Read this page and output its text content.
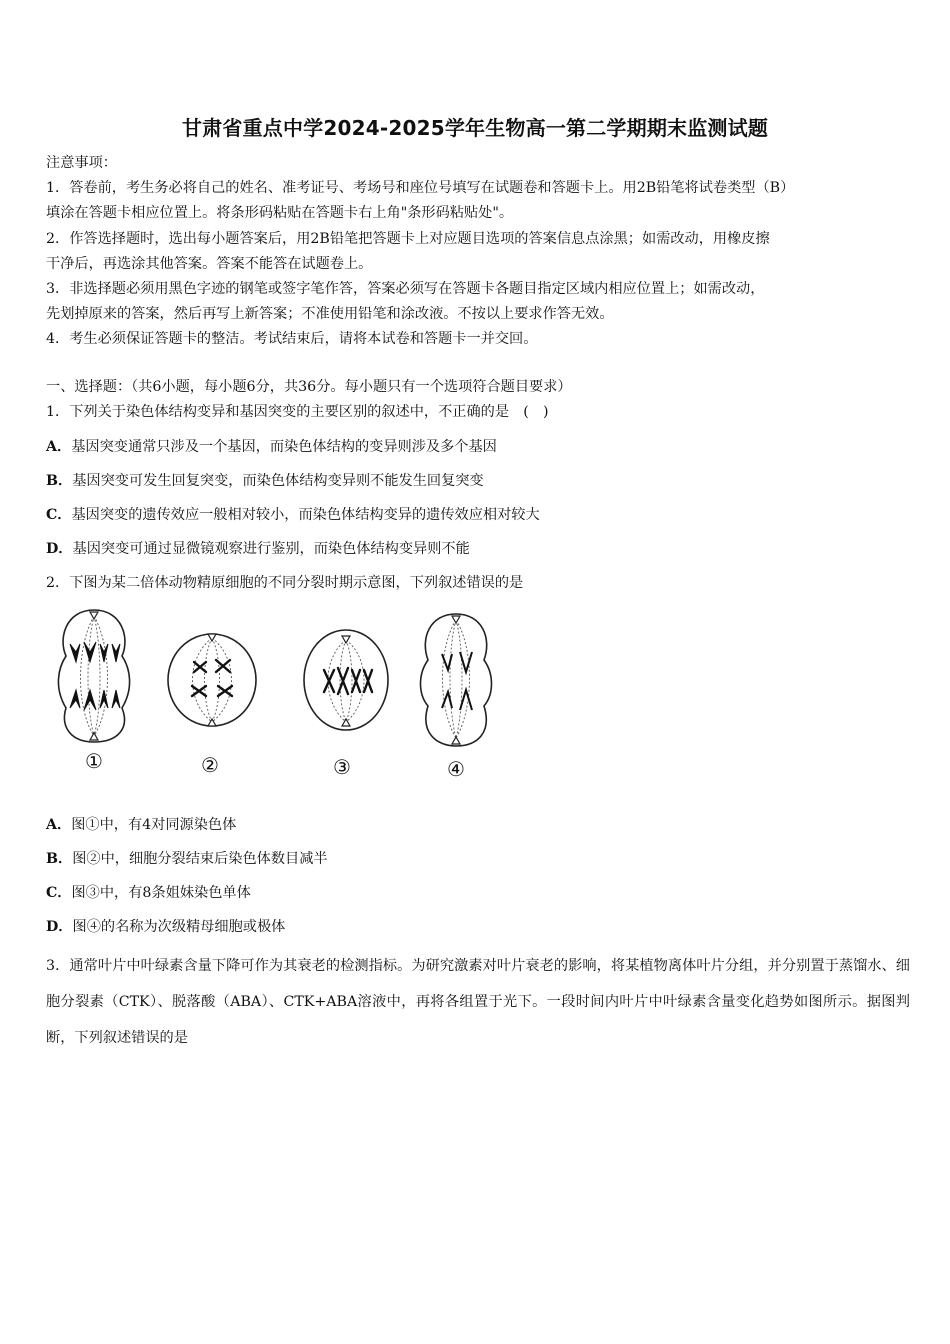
甘肃省重点中学2024-2025学年生物高一第二学期期末监测试题
注意事项：
1．答卷前，考生务必将自己的姓名、准考证号、考场号和座位号填写在试题卷和答题卡上。用2B铅笔将试卷类型（B）
填涂在答题卡相应位置上。将条形码粘贴在答题卡右上角"条形码粘贴处"。
2．作答选择题时，选出每小题答案后，用2B铅笔把答题卡上对应题目选项的答案信息点涂黑；如需改动，用橡皮擦
干净后，再选涂其他答案。答案不能答在试题卷上。
3．非选择题必须用黑色字迹的钢笔或签字笔作答，答案必须写在答题卡各题目指定区域内相应位置上；如需改动，
先划掉原来的答案，然后再写上新答案；不准使用铅笔和涂改液。不按以上要求作答无效。
4．考生必须保证答题卡的整洁。考试结束后，请将本试卷和答题卡一并交回。
一、选择题：（共6小题，每小题6分，共36分。每小题只有一个选项符合题目要求）
1．下列关于染色体结构变异和基因突变的主要区别的叙述中，不正确的是　(　)
A．基因突变通常只涉及一个基因，而染色体结构的变异则涉及多个基因
B．基因突变可发生回复突变，而染色体结构变异则不能发生回复突变
C．基因突变的遗传效应一般相对较小，而染色体结构变异的遗传效应相对较大
D．基因突变可通过显微镜观察进行鉴别，而染色体结构变异则不能
2．下图为某二倍体动物精原细胞的不同分裂时期示意图，下列叙述错误的是
①	②	③	④
A．图①中，有4对同源染色体
B．图②中，细胞分裂结束后染色体数目减半
C．图③中，有8条姐妹染色单体
D．图④的名称为次级精母细胞或极体
3．通常叶片中叶绿素含量下降可作为其衰老的检测指标。为研究激素对叶片衰老的影响，将某植物离体叶片分组，并分别置于蒸馏水、细胞分裂素（CTK）、脱落酸（ABA）、CTK+ABA溶液中，再将各组置于光下。一段时间内叶片中叶绿素含量变化趋势如图所示。据图判断，下列叙述错误的是
